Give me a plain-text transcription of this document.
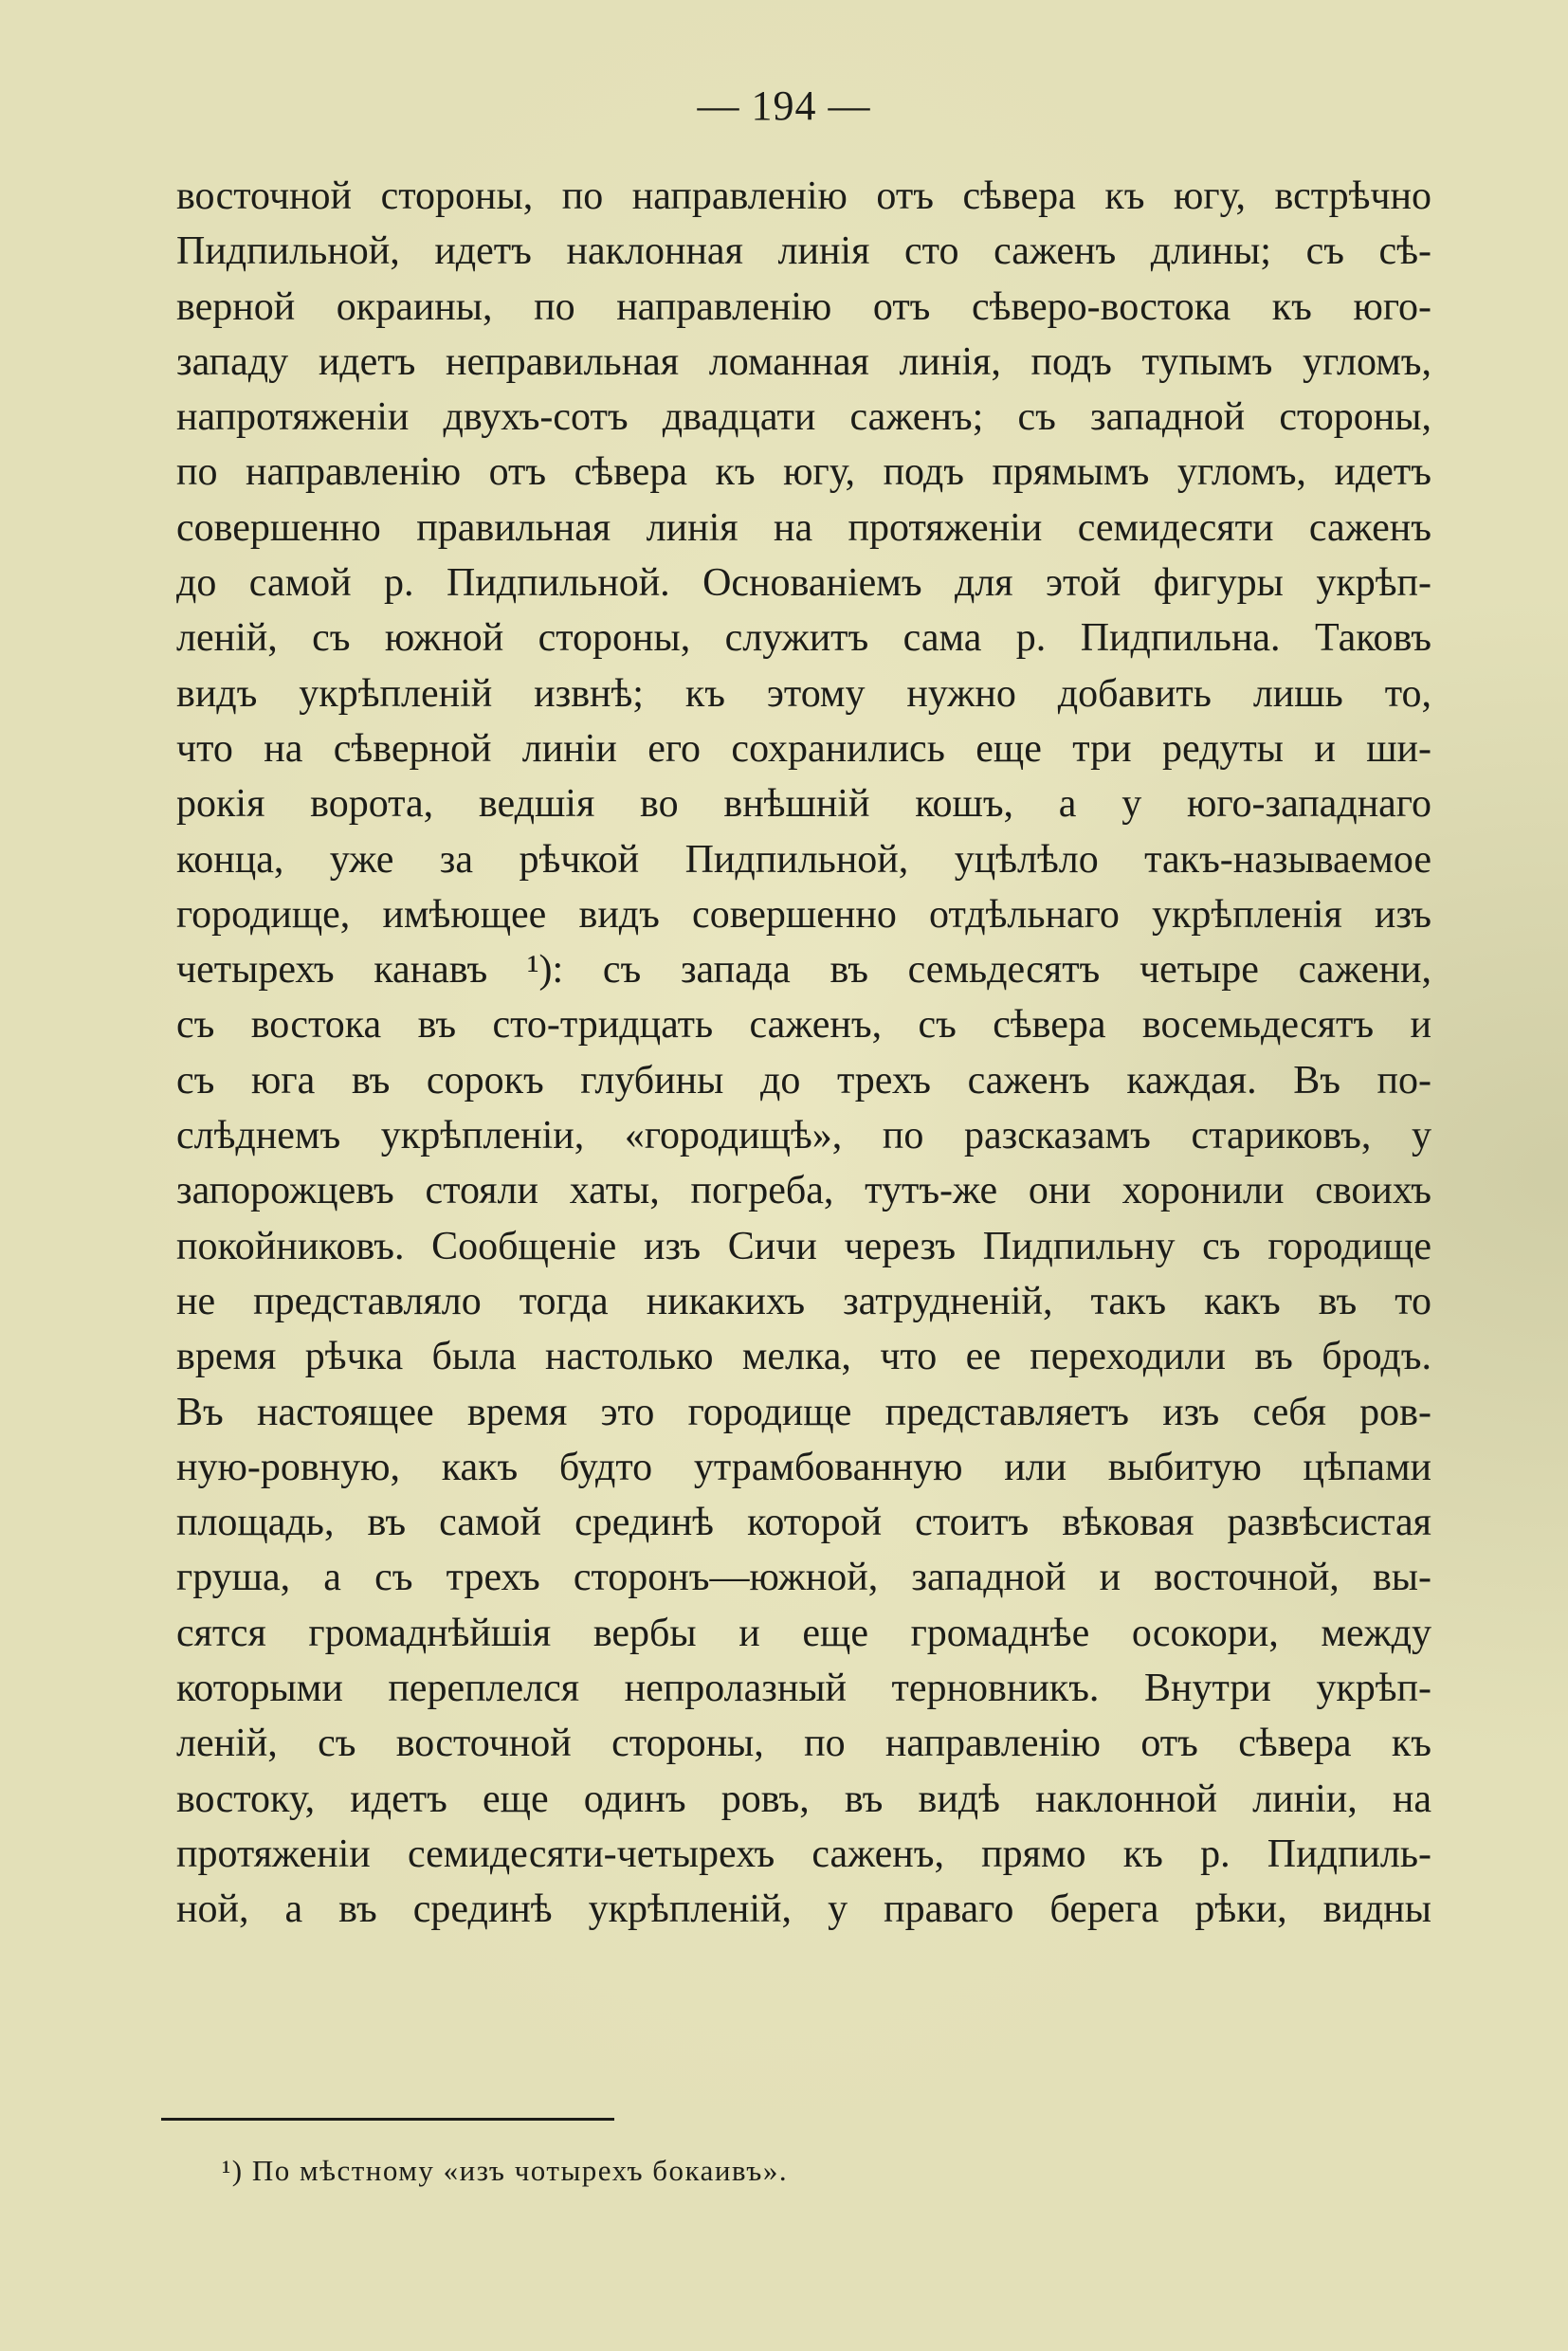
— 194 —
восточной стороны, по направленію отъ сѣвера къ югу, встрѣчно
Пидпильной, идетъ наклонная линія сто саженъ длины; съ сѣ-
верной окраины, по направленію отъ сѣверо-востока къ юго-
западу идетъ неправильная ломанная линія, подъ тупымъ угломъ,
напротяженіи двухъ-сотъ двадцати саженъ; съ западной стороны,
по направленію отъ сѣвера къ югу, подъ прямымъ угломъ, идетъ
совершенно правильная линія на протяженіи семидесяти саженъ
до самой р. Пидпильной. Основаніемъ для этой фигуры укрѣп-
леній, съ южной стороны, служитъ сама р. Пидпильна. Таковъ
видъ укрѣпленій извнѣ; къ этому нужно добавить лишь то,
что на сѣверной линіи его сохранились еще три редуты и ши-
рокія ворота, ведшія во внѣшній кошъ, а у юго-западнаго
конца, уже за рѣчкой Пидпильной, уцѣлѣло такъ-называемое
городище, имѣющее видъ совершенно отдѣльнаго укрѣпленія изъ
четырехъ канавъ ¹): съ запада въ семьдесятъ четыре сажени,
съ востока въ сто-тридцать саженъ, съ сѣвера восемьдесятъ и
съ юга въ сорокъ глубины до трехъ саженъ каждая. Въ по-
слѣднемъ укрѣпленіи, «городищѣ», по разсказамъ стариковъ, у
запорожцевъ стояли хаты, погреба, тутъ-же они хоронили своихъ
покойниковъ. Сообщеніе изъ Сичи черезъ Пидпильну съ городище
не представляло тогда никакихъ затрудненій, такъ какъ въ то
время рѣчка была настолько мелка, что ее переходили въ бродъ.
Въ настоящее время это городище представляетъ изъ себя ров-
ную-ровную, какъ будто утрамбованную или выбитую цѣпами
площадь, въ самой срединѣ которой стоитъ вѣковая развѣсистая
груша, а съ трехъ сторонъ—южной, западной и восточной, вы-
сятся громаднѣйшія вербы и еще громаднѣе осокори, между
которыми переплелся непролазный терновникъ. Внутри укрѣп-
леній, съ восточной стороны, по направленію отъ сѣвера къ
востоку, идетъ еще одинъ ровъ, въ видѣ наклонной линіи, на
протяженіи семидесяти-четырехъ саженъ, прямо къ р. Пидпиль-
ной, а въ срединѣ укрѣпленій, у праваго берега рѣки, видны
¹) По мѣстному «изъ чотырехъ бокаивъ».
